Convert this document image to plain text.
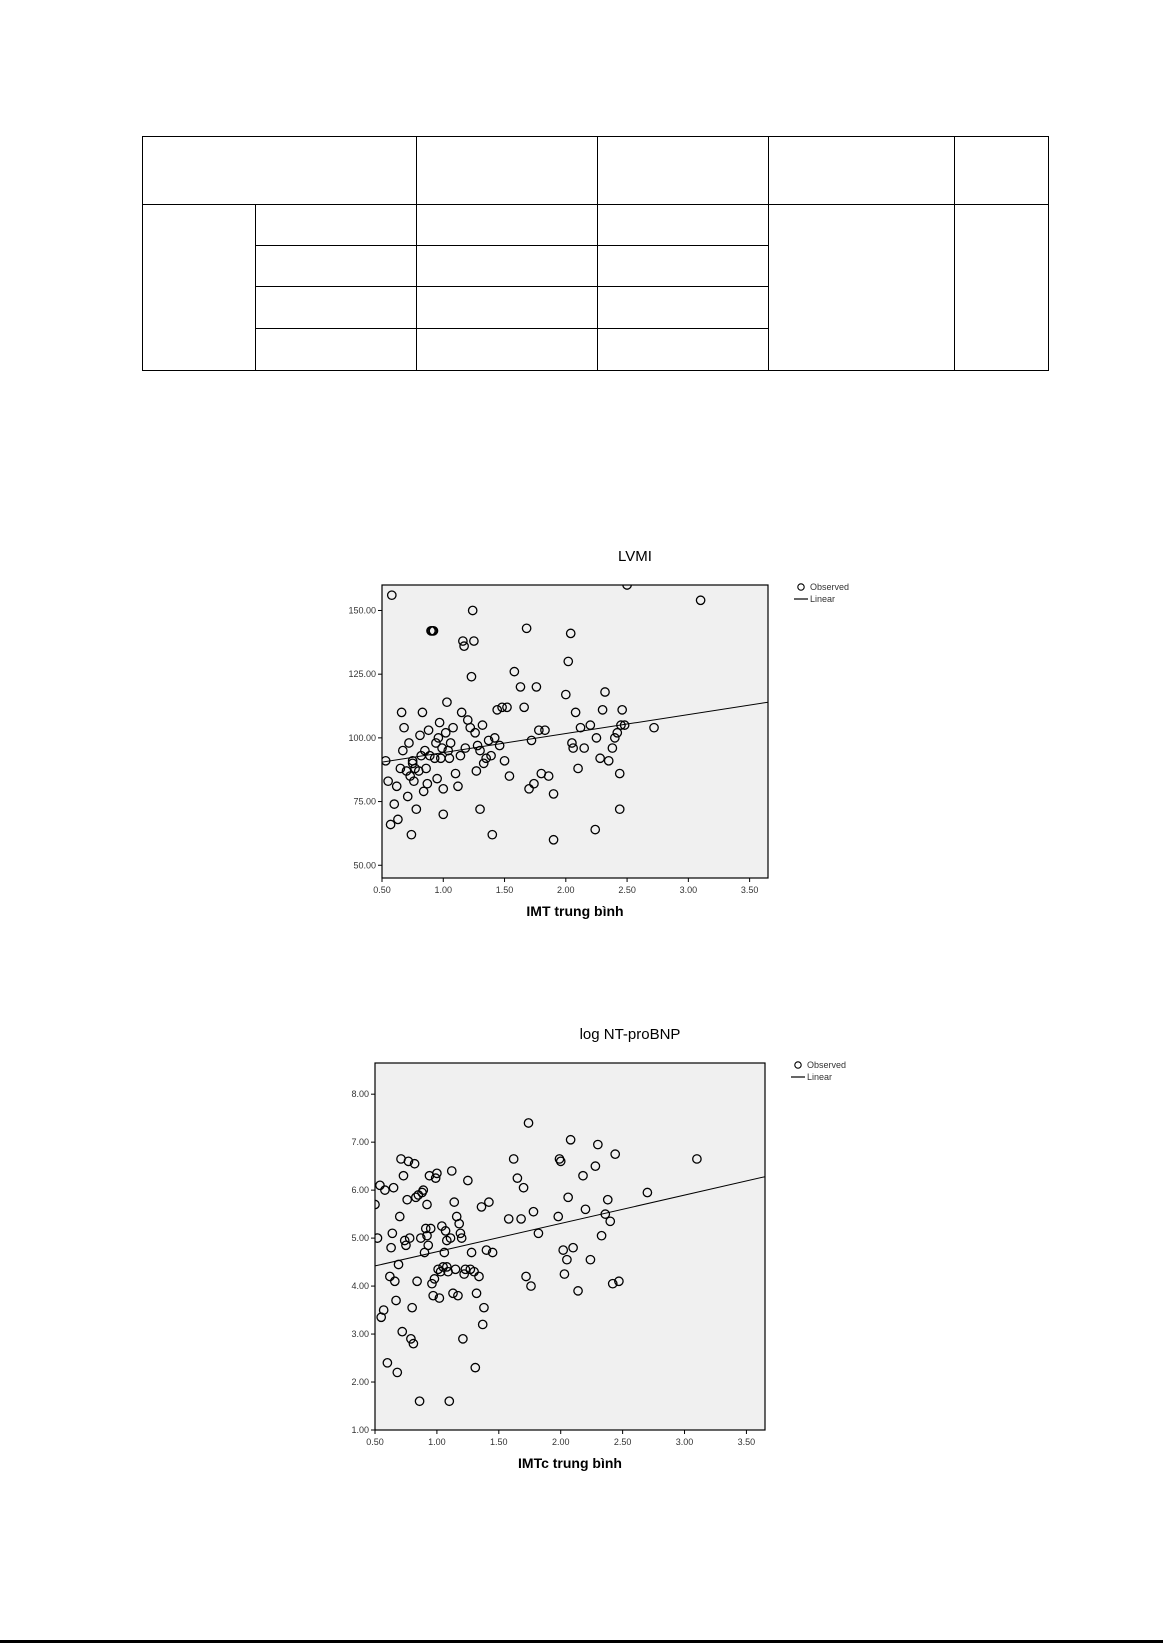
LVMI
50.00
75.00
100.00
125.00
150.00
0.50	1.00	1.50	2.00	2.50	3.00	3.50
IMT trung bình
Observed
Linear
log NT-proBNP
1.00
2.00
3.00
4.00
5.00
6.00
7.00
8.00
0.50	1.00	1.50	2.00	2.50	3.00	3.50
IMTc trung bình
Observed
Linear
